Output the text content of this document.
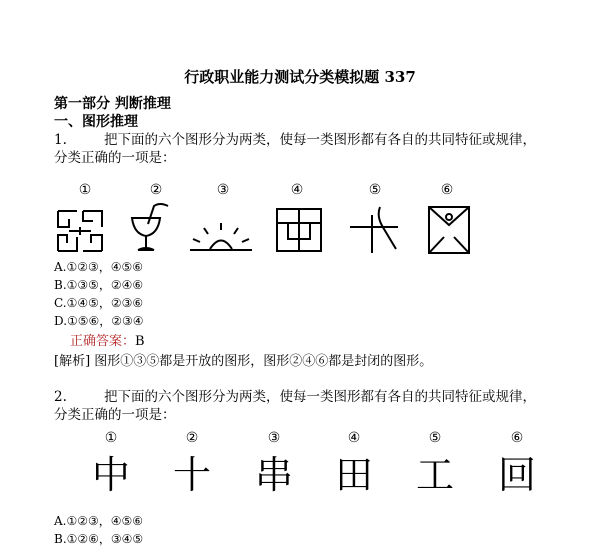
行政职业能力测试分类模拟题 337
第一部分 判断推理
一、图形推理
1.	把下面的六个图形分为两类，使每一类图形都有各自的共同特征或规律，
分类正确的一项是：
①	②	③	④	⑤	⑥
A.①②③，④⑤⑥
B.①③⑤，②④⑥
C.①④⑤，②③⑥
D.①⑤⑥，②③④
正确答案：B
[解析] 图形①③⑤都是开放的图形，图形②④⑥都是封闭的图形。
2.	把下面的六个图形分为两类，使每一类图形都有各自的共同特征或规律，
分类正确的一项是：
①	②	③	④	⑤	⑥
中 十 串 田 工 回
A.①②③，④⑤⑥
B.①②⑥，③④⑤
